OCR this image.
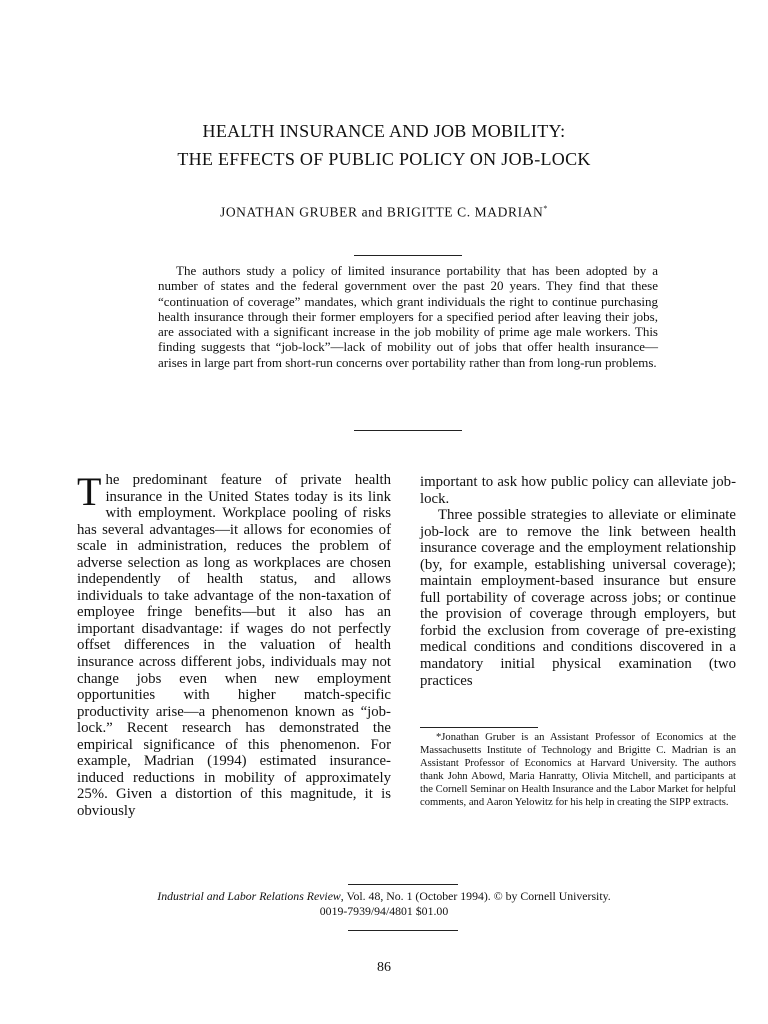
HEALTH INSURANCE AND JOB MOBILITY:
THE EFFECTS OF PUBLIC POLICY ON JOB-LOCK
JONATHAN GRUBER and BRIGITTE C. MADRIAN*

The authors study a policy of limited insurance portability that has been adopted by a number of states and the federal government over the past 20 years. They find that these “continuation of coverage” mandates, which grant individuals the right to continue purchasing health insurance through their former employers for a specified period after leaving their jobs, are associated with a significant increase in the job mobility of prime age male workers. This finding suggests that “job-lock”—lack of mobility out of jobs that offer health insurance—arises in large part from short-run concerns over portability rather than from long-run problems.

The predominant feature of private health insurance in the United States today is its link with employment. Workplace pooling of risks has several advantages—it allows for economies of scale in administration, reduces the problem of adverse selection as long as workplaces are chosen independently of health status, and allows individuals to take advantage of the non-taxation of employee fringe benefits—but it also has an important disadvantage: if wages do not perfectly offset differences in the valuation of health insurance across different jobs, individuals may not change jobs even when new employment opportunities with higher match-specific productivity arise—a phenomenon known as “job-lock.” Recent research has demonstrated the empirical significance of this phenomenon. For example, Madrian (1994) estimated insurance-induced reductions in mobility of approximately 25%. Given a distortion of this magnitude, it is obviously

important to ask how public policy can alleviate job-lock.

Three possible strategies to alleviate or eliminate job-lock are to remove the link between health insurance coverage and the employment relationship (by, for example, establishing universal coverage); maintain employment-based insurance but ensure full portability of coverage across jobs; or continue the provision of coverage through employers, but forbid the exclusion from coverage of pre-existing medical conditions and conditions discovered in a mandatory initial physical examination (two practices

*Jonathan Gruber is an Assistant Professor of Economics at the Massachusetts Institute of Technology and Brigitte C. Madrian is an Assistant Professor of Economics at Harvard University. The authors thank John Abowd, Maria Hanratty, Olivia Mitchell, and participants at the Cornell Seminar on Health Insurance and the Labor Market for helpful comments, and Aaron Yelowitz for his help in creating the SIPP extracts.

Industrial and Labor Relations Review, Vol. 48, No. 1 (October 1994). © by Cornell University.
0019-7939/94/4801 $01.00
86
